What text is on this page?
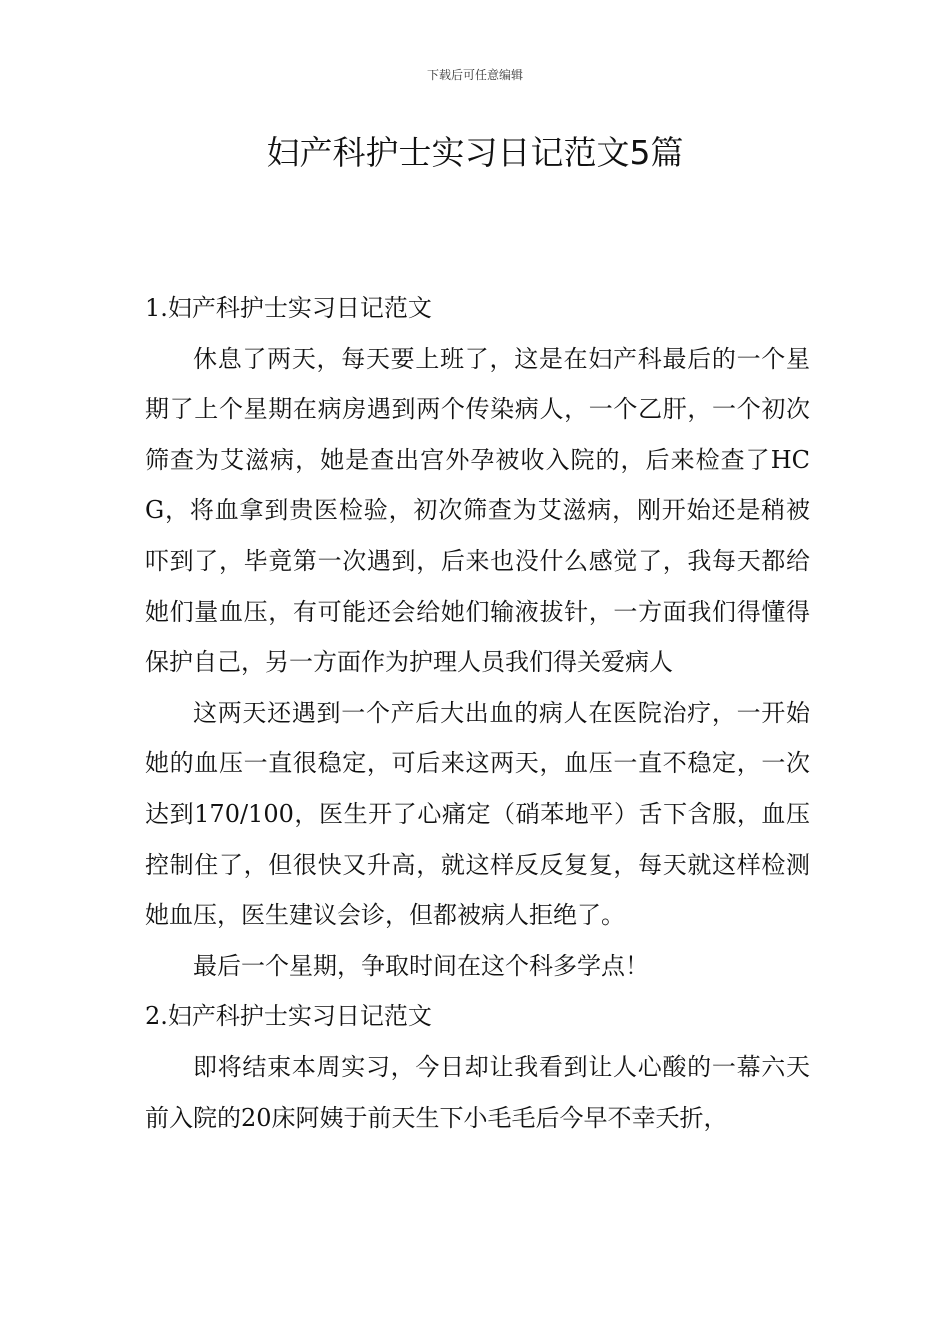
下载后可任意编辑
妇产科护士实习日记范文5篇
1.妇产科护士实习日记范文

休息了两天，每天要上班了，这是在妇产科最后的一个星期了上个星期在病房遇到两个传染病人，一个乙肝，一个初次筛查为艾滋病，她是查出宫外孕被收入院的，后来检查了HCG，将血拿到贵医检验，初次筛查为艾滋病，刚开始还是稍被吓到了，毕竟第一次遇到，后来也没什么感觉了，我每天都给她们量血压，有可能还会给她们输液拔针，一方面我们得懂得保护自己，另一方面作为护理人员我们得关爱病人

这两天还遇到一个产后大出血的病人在医院治疗，一开始她的血压一直很稳定，可后来这两天，血压一直不稳定，一次达到170/100，医生开了心痛定（硝苯地平）舌下含服，血压控制住了，但很快又升高，就这样反反复复，每天就这样检测她血压，医生建议会诊，但都被病人拒绝了。

最后一个星期，争取时间在这个科多学点！

2.妇产科护士实习日记范文

即将结束本周实习，今日却让我看到让人心酸的一幕六天前入院的20床阿姨于前天生下小毛毛后今早不幸夭折，
